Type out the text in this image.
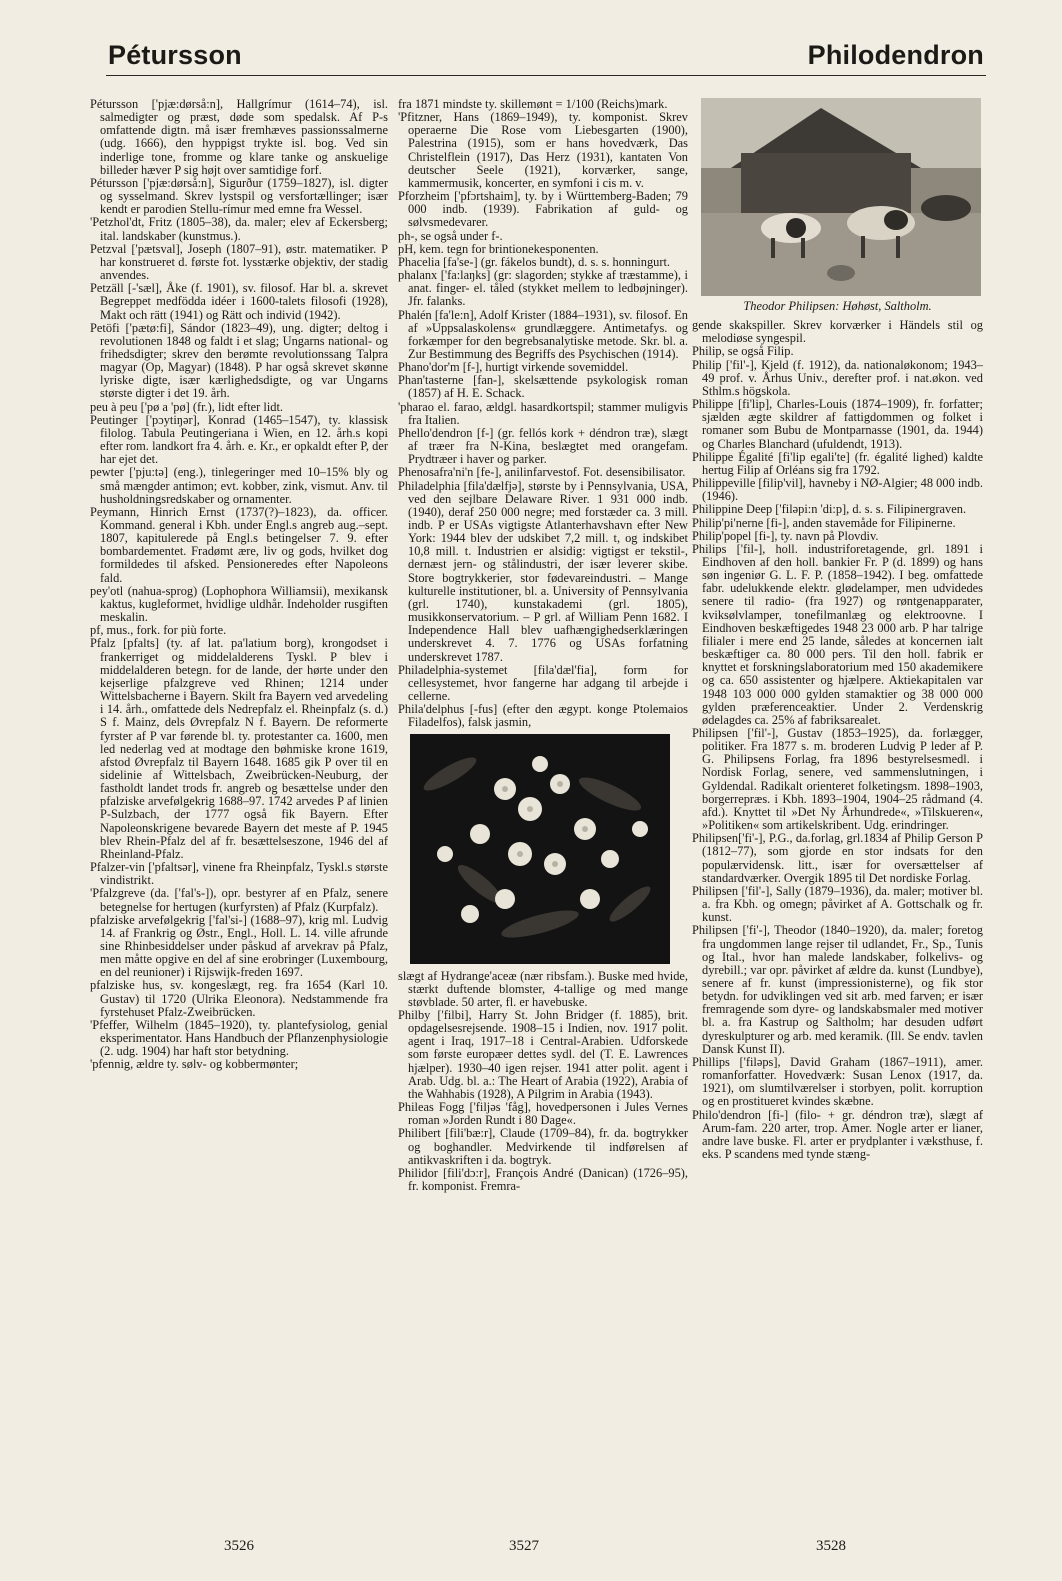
Pétursson	Philodendron

Pétursson ['pjæ:dørså:n], Hallgrímur (1614–74), isl. salmedigter og præst, døde som spedalsk. Af P-s omfattende digtn. må især fremhæves passionssalmerne (udg. 1666), den hyppigst trykte isl. bog. Ved sin inderlige tone, fromme og klare tanke og anskuelige billeder hæver P sig højt over samtidige forf.

Pétursson ['pjæ:dørså:n], Sigurður (1759–1827), isl. digter og sysselmand. Skrev lystspil og versfortællinger; især kendt er parodien Stellu-rímur med emne fra Wessel.

'Petzhol'dt, Fritz (1805–38), da. maler; elev af Eckersberg; ital. landskaber (kunstmus.).

Petzval ['pætsval], Joseph (1807–91), østr. matematiker. P har konstrueret d. første fot. lysstærke objektiv, der stadig anvendes.

Petzäll [-'sæl], Åke (f. 1901), sv. filosof. Har bl. a. skrevet Begreppet medfödda idéer i 1600-talets filosofi (1928), Makt och rätt (1941) og Rätt och individ (1942).

Petöfi ['pætø:fi], Sándor (1823–49), ung. digter; deltog i revolutionen 1848 og faldt i et slag; Ungarns national- og frihedsdigter; skrev den berømte revolutionssang Talpra magyar (Op, Magyar) (1848). P har også skrevet skønne lyriske digte, især kærlighedsdigte, og var Ungarns største digter i det 19. årh.

peu à peu ['pø a 'pø] (fr.), lidt efter lidt.

Peutinger ['pɔytiŋər], Konrad (1465–1547), ty. klassisk filolog. Tabula Peutingeriana i Wien, en 12. årh.s kopi efter rom. landkort fra 4. årh. e. Kr., er opkaldt efter P, der har ejet det.

pewter ['pju:tə] (eng.), tinlegeringer med 10–15% bly og små mængder antimon; evt. kobber, zink, vismut. Anv. til husholdningsredskaber og ornamenter.

Peymann, Hinrich Ernst (1737(?)–1823), da. officer. Kommand. general i Kbh. under Engl.s angreb aug.–sept. 1807, kapitulerede på Engl.s betingelser 7. 9. efter bombardementet. Fradømt ære, liv og gods, hvilket dog formildedes til afsked. Pensioneredes efter Napoleons fald.

pey'otl (nahua-sprog) (Lophophora Williamsii), mexikansk kaktus, kugleformet, hvidlige uldhår. Indeholder rusgiften meskalin.

pf, mus., fork. for più forte.

Pfalz [pfalts] (ty. af lat. pa'latium borg), krongodset i frankerriget og middelalderens Tyskl. P blev i middelalderen betegn. for de lande, der hørte under den kejserlige pfalzgreve ved Rhinen; 1214 under Wittelsbacherne i Bayern. Skilt fra Bayern ved arvedeling i 14. årh., omfattede dels Nedrepfalz el. Rheinpfalz (s. d.) S f. Mainz, dels Øvrepfalz N f. Bayern. De reformerte fyrster af P var førende bl. ty. protestanter ca. 1600, men led nederlag ved at modtage den bøhmiske krone 1619, afstod Øvrepfalz til Bayern 1648. 1685 gik P over til en sidelinie af Wittelsbach, Zweibrücken-Neuburg, der fastholdt landet trods fr. angreb og besættelse under den pfalziske arvefølgekrig 1688–97. 1742 arvedes P af linien P-Sulzbach, der 1777 også fik Bayern. Efter Napoleonskrigene bevarede Bayern det meste af P. 1945 blev Rhein-Pfalz del af fr. besættelseszone, 1946 del af Rheinland-Pfalz.

Pfalzer-vin ['pfaltsər], vinene fra Rheinpfalz, Tyskl.s største vindistrikt.

'Pfalzgreve (da. ['fal's-]), opr. bestyrer af en Pfalz, senere betegnelse for hertugen (kurfyrsten) af Pfalz (Kurpfalz).

pfalziske arvefølgekrig ['fal'si-] (1688–97), krig ml. Ludvig 14. af Frankrig og Østr., Engl., Holl. L. 14. ville afrunde sine Rhinbesiddelser under påskud af arvekrav på Pfalz, men måtte opgive en del af sine erobringer (Luxembourg, en del reunioner) i Rijswijk-freden 1697.

pfalziske hus, sv. kongeslægt, reg. fra 1654 (Karl 10. Gustav) til 1720 (Ulrika Eleonora). Nedstammende fra fyrstehuset Pfalz-Zweibrücken.

'Pfeffer, Wilhelm (1845–1920), ty. plantefysiolog, genial eksperimentator. Hans Handbuch der Pflanzenphysiologie (2. udg. 1904) har haft stor betydning.

'pfennig, ældre ty. sølv- og kobbermønter;

fra 1871 mindste ty. skillemønt = 1/100 (Reichs)mark.

'Pfitzner, Hans (1869–1949), ty. komponist. Skrev operaerne Die Rose vom Liebesgarten (1900), Palestrina (1915), som er hans hovedværk, Das Christelflein (1917), Das Herz (1931), kantaten Von deutscher Seele (1921), korværker, sange, kammermusik, koncerter, en symfoni i cis m. v.

Pforzheim ['pfɔrtshaim], ty. by i Württemberg-Baden; 79 000 indb. (1939). Fabrikation af guld- og sølvsmedevarer.

ph-, se også under f-.

pH, kem. tegn for brintionekesponenten.

Phacelia [fa'se-] (gr. fákelos bundt), d. s. s. honningurt.

phalanx ['fa:laŋks] (gr: slagorden; stykke af træstamme), i anat. finger- el. tåled (stykket mellem to ledbøjninger). Jfr. falanks.

Phalén [fa'le:n], Adolf Krister (1884–1931), sv. filosof. En af »Uppsalaskolens« grundlæggere. Antimetafys. og forkæmper for den begrebsanalytiske metode. Skr. bl. a. Zur Bestimmung des Begriffs des Psychischen (1914).

Phano'dor'm [f-], hurtigt virkende sovemiddel.

Phan'tasterne [fan-], skelsættende psykologisk roman (1857) af H. E. Schack.

'pharao el. farao, ældgl. hasardkortspil; stammer muligvis fra Italien.

Phello'dendron [f-] (gr. fellós kork + déndron træ), slægt af træer fra N-Kina, beslægtet med orangefam. Prydtræer i haver og parker.

Phenosafra'ni'n [fe-], anilinfarvestof. Fot. desensibilisator.

Philadelphia [fila'dælfjə], største by i Pennsylvania, USA, ved den sejlbare Delaware River. 1 931 000 indb. (1940), deraf 250 000 negre; med forstæder ca. 3 mill. indb. P er USAs vigtigste Atlanterhavshavn efter New York: 1944 blev der udskibet 7,2 mill. t, og indskibet 10,8 mill. t. Industrien er alsidig: vigtigst er tekstil-, dernæst jern- og stålindustri, der især leverer skibe. Store bogtrykkerier, stor fødevareindustri. – Mange kulturelle institutioner, bl. a. University of Pennsylvania (grl. 1740), kunstakademi (grl. 1805), musikkonservatorium. – P grl. af William Penn 1682. I Independence Hall blev uafhængighedserklæringen underskrevet 4. 7. 1776 og USAs forfatning underskrevet 1787.

Philadelphia-systemet [fila'dæl'fia], form for cellesystemet, hvor fangerne har adgang til arbejde i cellerne.

Phila'delphus [-fus] (efter den ægypt. konge Ptolemaios Filadelfos), falsk jasmin,

slægt af Hydrange'aceæ (nær ribsfam.). Buske med hvide, stærkt duftende blomster, 4-tallige og med mange støvblade. 50 arter, fl. er havebuske.

Philby ['filbi], Harry St. John Bridger (f. 1885), brit. opdagelsesrejsende. 1908–15 i Indien, nov. 1917 polit. agent i Iraq, 1917–18 i Central-Arabien. Udforskede som første europæer dettes sydl. del (T. E. Lawrences hjælper). 1930–40 igen rejser. 1941 atter polit. agent i Arab. Udg. bl. a.: The Heart of Arabia (1922), Arabia of the Wahhabis (1928), A Pilgrim in Arabia (1943).

Phileas Fogg ['filjəs 'fåg], hovedpersonen i Jules Vernes roman »Jorden Rundt i 80 Dage«.

Philibert [fili'bæ:r], Claude (1709–84), fr. da. bogtrykker og boghandler. Medvirkende til indførelsen af antikvaskriften i da. bogtryk.

Philidor [fili'dɔ:r], François André (Danican) (1726–95), fr. komponist. Fremra-

Theodor Philipsen: Høhøst, Saltholm.

gende skakspiller. Skrev korværker i Händels stil og melodiøse syngespil.

Philip, se også Filip.

Philip ['fil'-], Kjeld (f. 1912), da. nationaløkonom; 1943–49 prof. v. Århus Univ., derefter prof. i nat.økon. ved Sthlm.s högskola.

Philippe [fi'lip], Charles-Louis (1874–1909), fr. forfatter; sjælden ægte skildrer af fattigdommen og folket i romaner som Bubu de Montparnasse (1901, da. 1944) og Charles Blanchard (ufuldendt, 1913).

Philippe Égalité [fi'lip egali'te] (fr. égalité lighed) kaldte hertug Filip af Orléans sig fra 1792.

Philippeville [filip'vil], havneby i NØ-Algier; 48 000 indb. (1946).

Philippine Deep ['filəpi:n 'di:p], d. s. s. Filipinergraven.

Philip'pi'nerne [fi-], anden stavemåde for Filipinerne.

Philip'popel [fi-], ty. navn på Plovdiv.

Philips ['fil-], holl. industriforetagende, grl. 1891 i Eindhoven af den holl. bankier Fr. P (d. 1899) og hans søn ingeniør G. L. F. P. (1858–1942). I beg. omfattede fabr. udelukkende elektr. glødelamper, men udvidedes senere til radio- (fra 1927) og røntgenapparater, kviksølvlamper, tonefilmanlæg og elektroovne. I Eindhoven beskæftigedes 1948 23 000 arb. P har talrige filialer i mere end 25 lande, således at koncernen ialt beskæftiger ca. 80 000 pers. Til den holl. fabrik er knyttet et forskningslaboratorium med 150 akademikere og ca. 650 assistenter og hjælpere. Aktiekapitalen var 1948 103 000 000 gylden stamaktier og 38 000 000 gylden præferenceaktier. Under 2. Verdenskrig ødelagdes ca. 25% af fabriksarealet.

Philipsen ['fil'-], Gustav (1853–1925), da. forlægger, politiker. Fra 1877 s. m. broderen Ludvig P leder af P. G. Philipsens Forlag, fra 1896 bestyrelsesmedl. i Nordisk Forlag, senere, ved sammenslutningen, i Gyldendal. Radikalt orienteret folketingsm. 1898–1903, borgerrepræs. i Kbh. 1893–1904, 1904–25 rådmand (4. afd.). Knyttet til »Det Ny Århundrede«, »Tilskueren«, »Politiken« som artikelskribent. Udg. erindringer.

Philipsen['fi'-], P.G., da.forlag, grl.1834 af Philip Gerson P (1812–77), som gjorde en stor indsats for den populærvidensk. litt., især for oversættelser af standardværker. Overgik 1895 til Det nordiske Forlag.

Philipsen ['fil'-], Sally (1879–1936), da. maler; motiver bl. a. fra Kbh. og omegn; påvirket af A. Gottschalk og fr. kunst.

Philipsen ['fi'-], Theodor (1840–1920), da. maler; foretog fra ungdommen lange rejser til udlandet, Fr., Sp., Tunis og Ital., hvor han malede landskaber, folkelivs- og dyrebill.; var opr. påvirket af ældre da. kunst (Lundbye), senere af fr. kunst (impressionisterne), og fik stor betydn. for udviklingen ved sit arb. med farven; er især fremragende som dyre- og landskabsmaler med motiver bl. a. fra Kastrup og Saltholm; har desuden udført dyreskulpturer og arb. med keramik. (Ill. Se endv. tavlen Dansk Kunst II).

Phillips ['filəps], David Graham (1867–1911), amer. romanforfatter. Hovedværk: Susan Lenox (1917, da. 1921), om slumtilværelser i storbyen, polit. korruption og en prostitueret kvindes skæbne.

Philo'dendron [fi-] (filo- + gr. déndron træ), slægt af Arum-fam. 220 arter, trop. Amer. Nogle arter er lianer, andre lave buske. Fl. arter er prydplanter i væksthuse, f. eks. P scandens med tynde stæng-

3526	3527	3528
